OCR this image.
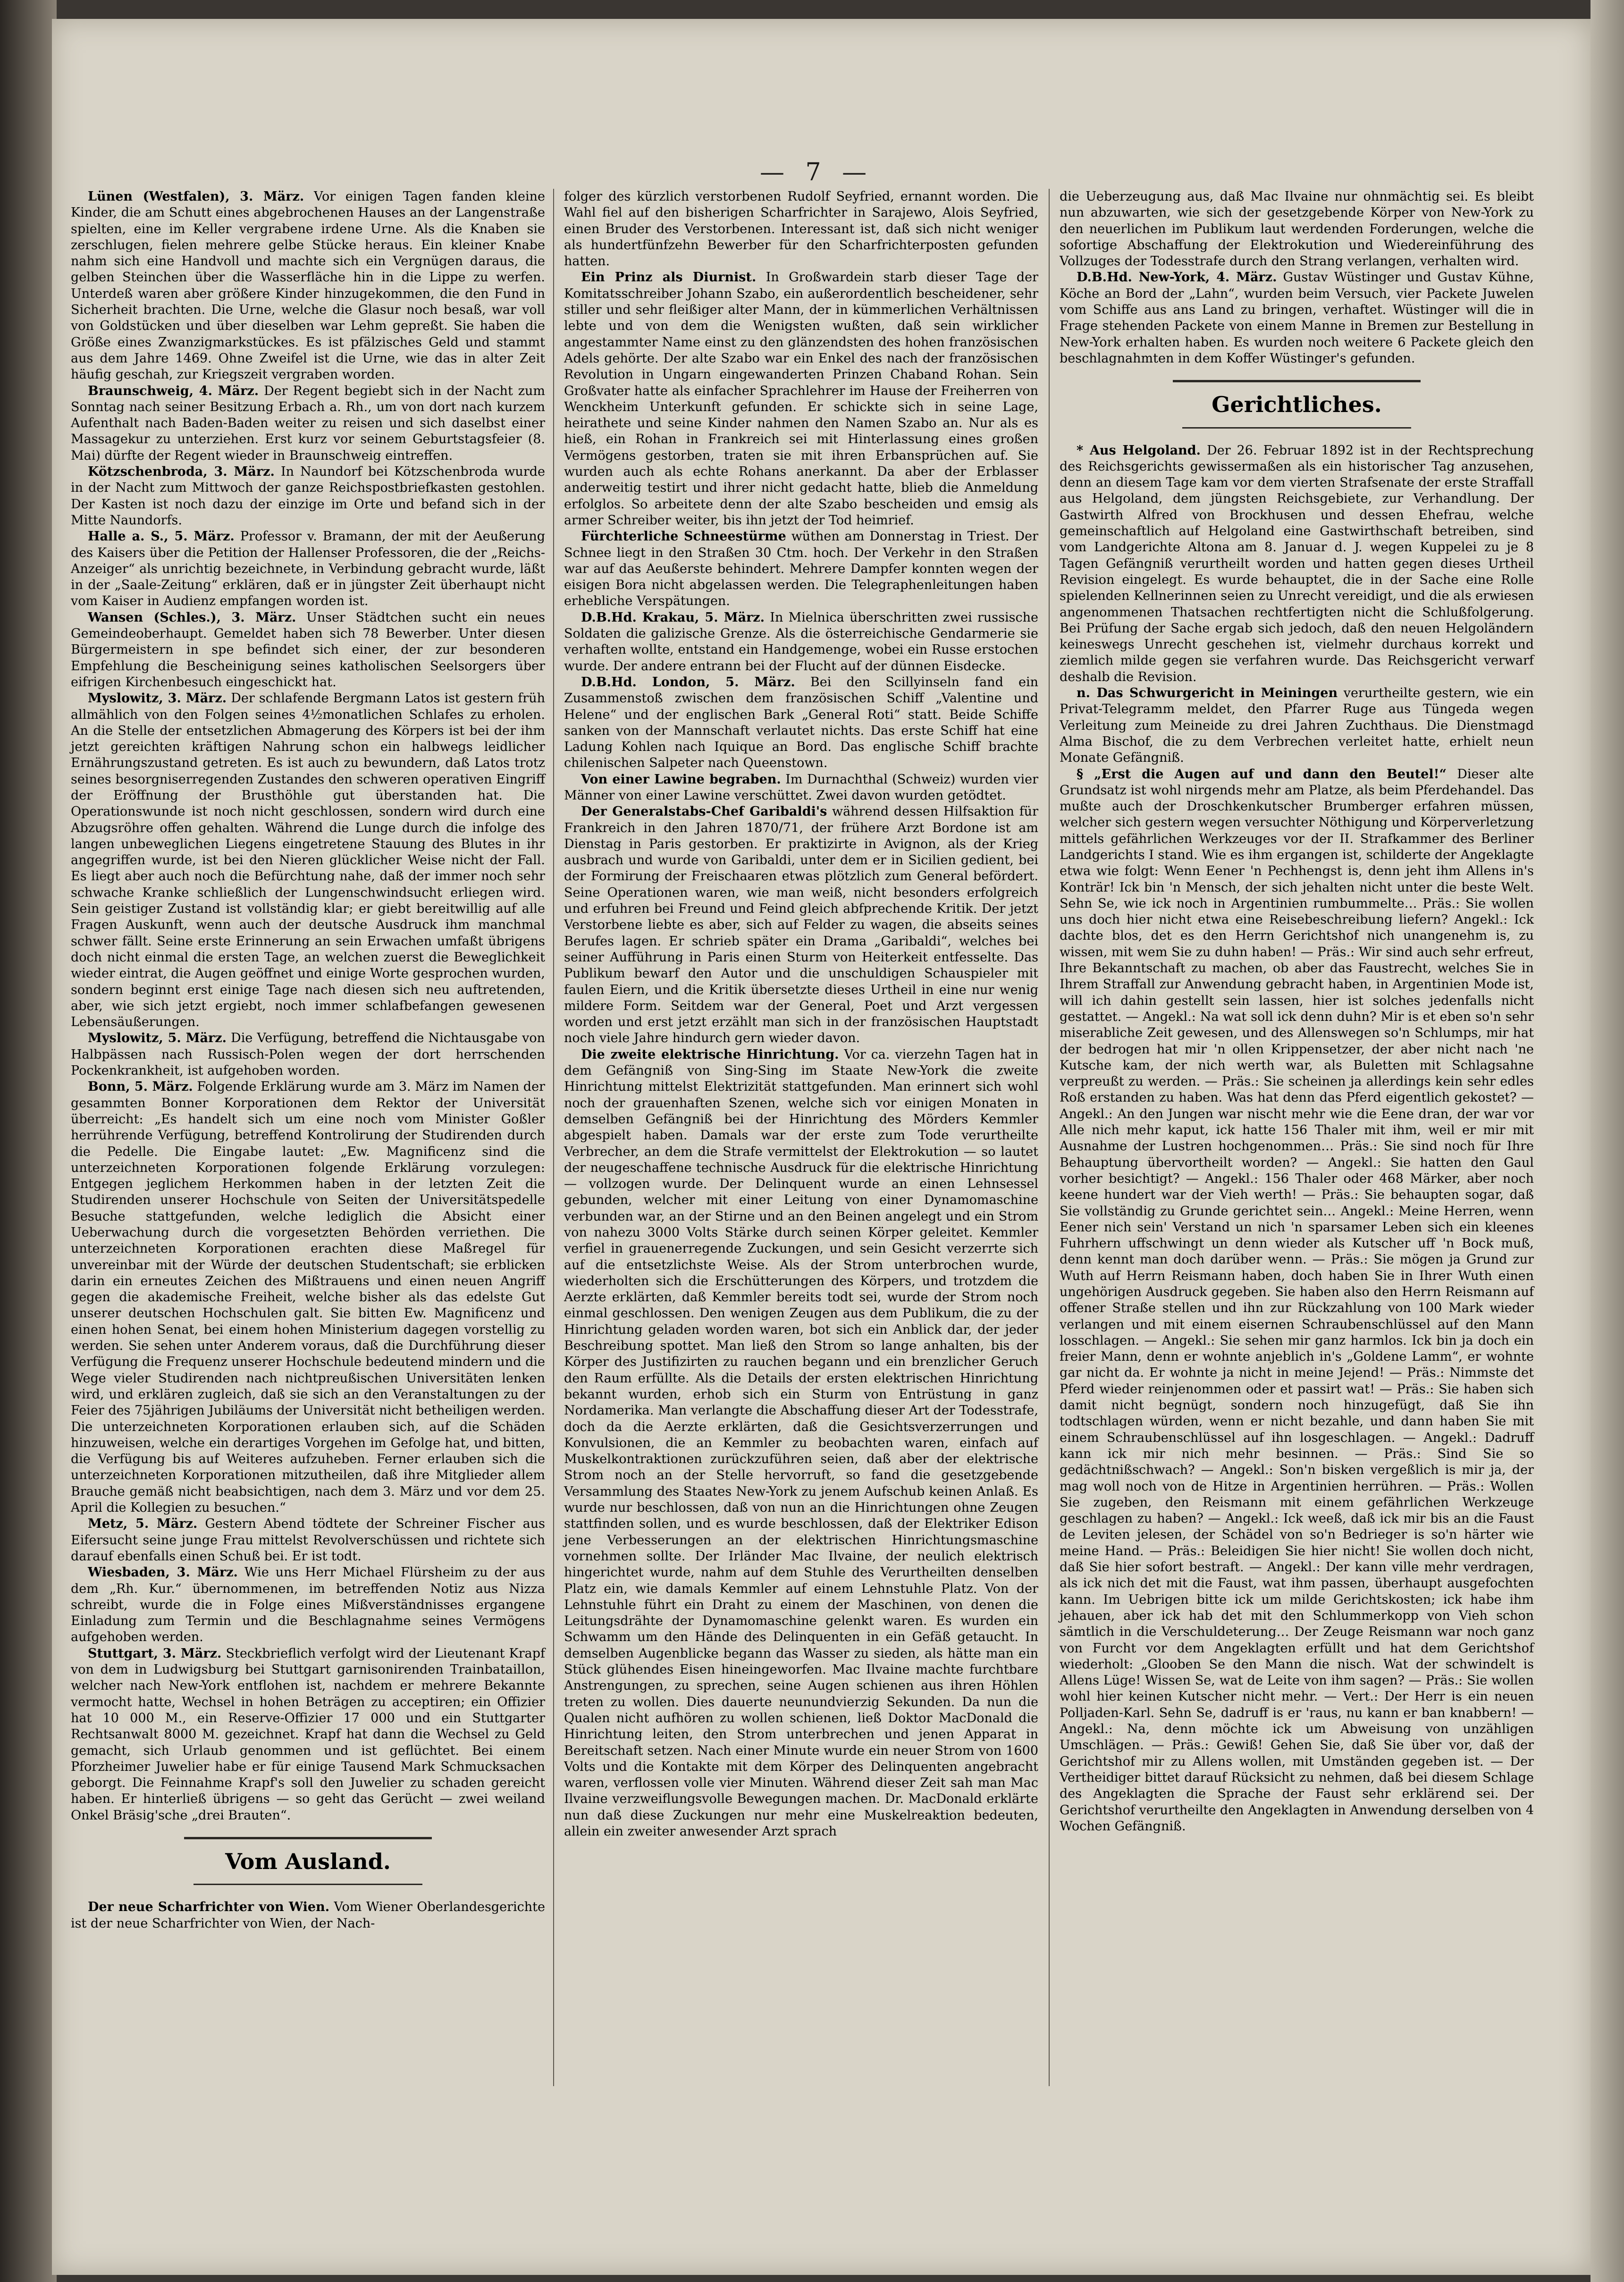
— 7 —

Lünen (Westfalen), 3. März. Vor einigen Tagen fanden kleine Kinder, die am Schutt eines abgebrochenen Hauses an der Langenstraße spielten, eine im Keller vergrabene irdene Urne. Als die Knaben sie zerschlugen, fielen mehrere gelbe Stücke heraus. Ein kleiner Knabe nahm sich eine Handvoll und machte sich ein Vergnügen daraus, die gelben Steinchen über die Wasserfläche hin in die Lippe zu werfen. Unterdeß waren aber größere Kinder hinzugekommen, die den Fund in Sicherheit brachten. Die Urne, welche die Glasur noch besaß, war voll von Goldstücken und über dieselben war Lehm gepreßt. Sie haben die Größe eines Zwanzigmarkstückes. Es ist pfälzisches Geld und stammt aus dem Jahre 1469. Ohne Zweifel ist die Urne, wie das in alter Zeit häufig geschah, zur Kriegszeit vergraben worden.

Braunschweig, 4. März. Der Regent begiebt sich in der Nacht zum Sonntag nach seiner Besitzung Erbach a. Rh., um von dort nach kurzem Aufenthalt nach Baden-Baden weiter zu reisen und sich daselbst einer Massagekur zu unterziehen. Erst kurz vor seinem Geburtstagsfeier (8. Mai) dürfte der Regent wieder in Braunschweig eintreffen.

Kötzschenbroda, 3. März. In Naundorf bei Kötzschenbroda wurde in der Nacht zum Mittwoch der ganze Reichspostbriefkasten gestohlen. Der Kasten ist noch dazu der einzige im Orte und befand sich in der Mitte Naundorfs.

Halle a. S., 5. März. Professor v. Bramann, der mit der Aeußerung des Kaisers über die Petition der Hallenser Professoren, die der „Reichs-Anzeiger“ als unrichtig bezeichnete, in Verbindung gebracht wurde, läßt in der „Saale-Zeitung“ erklären, daß er in jüngster Zeit überhaupt nicht vom Kaiser in Audienz empfangen worden ist.

Wansen (Schles.), 3. März. Unser Städtchen sucht ein neues Gemeindeoberhaupt. Gemeldet haben sich 78 Bewerber. Unter diesen Bürgermeistern in spe befindet sich einer, der zur besonderen Empfehlung die Bescheinigung seines katholischen Seelsorgers über eifrigen Kirchenbesuch eingeschickt hat.

Myslowitz, 3. März. Der schlafende Bergmann Latos ist gestern früh allmählich von den Folgen seines 4½monatlichen Schlafes zu erholen. An die Stelle der entsetzlichen Abmagerung des Körpers ist bei der ihm jetzt gereichten kräftigen Nahrung schon ein halbwegs leidlicher Ernährungszustand getreten. Es ist auch zu bewundern, daß Latos trotz seines besorgniserregenden Zustandes den schweren operativen Eingriff der Eröffnung der Brusthöhle gut überstanden hat. Die Operationswunde ist noch nicht geschlossen, sondern wird durch eine Abzugsröhre offen gehalten. Während die Lunge durch die infolge des langen unbeweglichen Liegens eingetretene Stauung des Blutes in ihr angegriffen wurde, ist bei den Nieren glücklicher Weise nicht der Fall. Es liegt aber auch noch die Befürchtung nahe, daß der immer noch sehr schwache Kranke schließlich der Lungenschwindsucht erliegen wird. Sein geistiger Zustand ist vollständig klar; er giebt bereitwillig auf alle Fragen Auskunft, wenn auch der deutsche Ausdruck ihm manchmal schwer fällt. Seine erste Erinnerung an sein Erwachen umfaßt übrigens doch nicht einmal die ersten Tage, an welchen zuerst die Beweglichkeit wieder eintrat, die Augen geöffnet und einige Worte gesprochen wurden, sondern beginnt erst einige Tage nach diesen sich neu auftretenden, aber, wie sich jetzt ergiebt, noch immer schlafbefangen gewesenen Lebensäußerungen.

Myslowitz, 5. März. Die Verfügung, betreffend die Nichtausgabe von Halbpässen nach Russisch-Polen wegen der dort herrschenden Pockenkrankheit, ist aufgehoben worden.

Bonn, 5. März. Folgende Erklärung wurde am 3. März im Namen der gesammten Bonner Korporationen dem Rektor der Universität überreicht: „Es handelt sich um eine noch vom Minister Goßler herrührende Verfügung, betreffend Kontrolirung der Studirenden durch die Pedelle. Die Eingabe lautet: „Ew. Magnificenz sind die unterzeichneten Korporationen folgende Erklärung vorzulegen: Entgegen jeglichem Herkommen haben in der letzten Zeit die Studirenden unserer Hochschule von Seiten der Universitätspedelle Besuche stattgefunden, welche lediglich die Absicht einer Ueberwachung durch die vorgesetzten Behörden verriethen. Die unterzeichneten Korporationen erachten diese Maßregel für unvereinbar mit der Würde der deutschen Studentschaft; sie erblicken darin ein erneutes Zeichen des Mißtrauens und einen neuen Angriff gegen die akademische Freiheit, welche bisher als das edelste Gut unserer deutschen Hochschulen galt. Sie bitten Ew. Magnificenz und einen hohen Senat, bei einem hohen Ministerium dagegen vorstellig zu werden. Sie sehen unter Anderem voraus, daß die Durchführung dieser Verfügung die Frequenz unserer Hochschule bedeutend mindern und die Wege vieler Studirenden nach nichtpreußischen Universitäten lenken wird, und erklären zugleich, daß sie sich an den Veranstaltungen zu der Feier des 75jährigen Jubiläums der Universität nicht betheiligen werden. Die unterzeichneten Korporationen erlauben sich, auf die Schäden hinzuweisen, welche ein derartiges Vorgehen im Gefolge hat, und bitten, die Verfügung bis auf Weiteres aufzuheben. Ferner erlauben sich die unterzeichneten Korporationen mitzutheilen, daß ihre Mitglieder allem Brauche gemäß nicht beabsichtigen, nach dem 3. März und vor dem 25. April die Kollegien zu besuchen.“

Metz, 5. März. Gestern Abend tödtete der Schreiner Fischer aus Eifersucht seine junge Frau mittelst Revolverschüssen und richtete sich darauf ebenfalls einen Schuß bei. Er ist todt.

Wiesbaden, 3. März. Wie uns Herr Michael Flürsheim zu der aus dem „Rh. Kur.“ übernommenen, im betreffenden Notiz aus Nizza schreibt, wurde die in Folge eines Mißverständnisses ergangene Einladung zum Termin und die Beschlagnahme seines Vermögens aufgehoben werden.

Stuttgart, 3. März. Steckbrieflich verfolgt wird der Lieutenant Krapf von dem in Ludwigsburg bei Stuttgart garnisonirenden Trainbataillon, welcher nach New-York entflohen ist, nachdem er mehrere Bekannte vermocht hatte, Wechsel in hohen Beträgen zu acceptiren; ein Offizier hat 10 000 M., ein Reserve-Offizier 17 000 und ein Stuttgarter Rechtsanwalt 8000 M. gezeichnet. Krapf hat dann die Wechsel zu Geld gemacht, sich Urlaub genommen und ist geflüchtet. Bei einem Pforzheimer Juwelier habe er für einige Tausend Mark Schmucksachen geborgt. Die Feinnahme Krapf's soll den Juwelier zu schaden gereicht haben. Er hinterließ übrigens — so geht das Gerücht — zwei weiland Onkel Bräsig'sche „drei Brauten“.

Vom Ausland.

Der neue Scharfrichter von Wien. Vom Wiener Oberlandesgerichte ist der neue Scharfrichter von Wien, der Nach-

folger des kürzlich verstorbenen Rudolf Seyfried, ernannt worden. Die Wahl fiel auf den bisherigen Scharfrichter in Sarajewo, Alois Seyfried, einen Bruder des Verstorbenen. Interessant ist, daß sich nicht weniger als hundertfünfzehn Bewerber für den Scharfrichterposten gefunden hatten.

Ein Prinz als Diurnist. In Großwardein starb dieser Tage der Komitatsschreiber Johann Szabo, ein außerordentlich bescheidener, sehr stiller und sehr fleißiger alter Mann, der in kümmerlichen Verhältnissen lebte und von dem die Wenigsten wußten, daß sein wirklicher angestammter Name einst zu den glänzendsten des hohen französischen Adels gehörte. Der alte Szabo war ein Enkel des nach der französischen Revolution in Ungarn eingewanderten Prinzen Chaband Rohan. Sein Großvater hatte als einfacher Sprachlehrer im Hause der Freiherren von Wenckheim Unterkunft gefunden. Er schickte sich in seine Lage, heirathete und seine Kinder nahmen den Namen Szabo an. Nur als es hieß, ein Rohan in Frankreich sei mit Hinterlassung eines großen Vermögens gestorben, traten sie mit ihren Erbansprüchen auf. Sie wurden auch als echte Rohans anerkannt. Da aber der Erblasser anderweitig testirt und ihrer nicht gedacht hatte, blieb die Anmeldung erfolglos. So arbeitete denn der alte Szabo bescheiden und emsig als armer Schreiber weiter, bis ihn jetzt der Tod heimrief.

Fürchterliche Schneestürme wüthen am Donnerstag in Triest. Der Schnee liegt in den Straßen 30 Ctm. hoch. Der Verkehr in den Straßen war auf das Aeußerste behindert. Mehrere Dampfer konnten wegen der eisigen Bora nicht abgelassen werden. Die Telegraphenleitungen haben erhebliche Verspätungen.

D.B.Hd. Krakau, 5. März. In Mielnica überschritten zwei russische Soldaten die galizische Grenze. Als die österreichische Gendarmerie sie verhaften wollte, entstand ein Handgemenge, wobei ein Russe erstochen wurde. Der andere entrann bei der Flucht auf der dünnen Eisdecke.

D.B.Hd. London, 5. März. Bei den Scillyinseln fand ein Zusammenstoß zwischen dem französischen Schiff „Valentine und Helene“ und der englischen Bark „General Roti“ statt. Beide Schiffe sanken von der Mannschaft verlautet nichts. Das erste Schiff hat eine Ladung Kohlen nach Iquique an Bord. Das englische Schiff brachte chilenischen Salpeter nach Queenstown.

Von einer Lawine begraben. Im Durnachthal (Schweiz) wurden vier Männer von einer Lawine verschüttet. Zwei davon wurden getödtet.

Der Generalstabs-Chef Garibaldi's während dessen Hilfsaktion für Frankreich in den Jahren 1870/71, der frühere Arzt Bordone ist am Dienstag in Paris gestorben. Er praktizirte in Avignon, als der Krieg ausbrach und wurde von Garibaldi, unter dem er in Sicilien gedient, bei der Formirung der Freischaaren etwas plötzlich zum General befördert. Seine Operationen waren, wie man weiß, nicht besonders erfolgreich und erfuhren bei Freund und Feind gleich abfprechende Kritik. Der jetzt Verstorbene liebte es aber, sich auf Felder zu wagen, die abseits seines Berufes lagen. Er schrieb später ein Drama „Garibaldi“, welches bei seiner Aufführung in Paris einen Sturm von Heiterkeit entfesselte. Das Publikum bewarf den Autor und die unschuldigen Schauspieler mit faulen Eiern, und die Kritik übersetzte dieses Urtheil in eine nur wenig mildere Form. Seitdem war der General, Poet und Arzt vergessen worden und erst jetzt erzählt man sich in der französischen Hauptstadt noch viele Jahre hindurch gern wieder davon.

Die zweite elektrische Hinrichtung. Vor ca. vierzehn Tagen hat in dem Gefängniß von Sing-Sing im Staate New-York die zweite Hinrichtung mittelst Elektrizität stattgefunden. Man erinnert sich wohl noch der grauenhaften Szenen, welche sich vor einigen Monaten in demselben Gefängniß bei der Hinrichtung des Mörders Kemmler abgespielt haben. Damals war der erste zum Tode verurtheilte Verbrecher, an dem die Strafe vermittelst der Elektrokution — so lautet der neugeschaffene technische Ausdruck für die elektrische Hinrichtung — vollzogen wurde. Der Delinquent wurde an einen Lehnsessel gebunden, welcher mit einer Leitung von einer Dynamomaschine verbunden war, an der Stirne und an den Beinen angelegt und ein Strom von nahezu 3000 Volts Stärke durch seinen Körper geleitet. Kemmler verfiel in grauenerregende Zuckungen, und sein Gesicht verzerrte sich auf die entsetzlichste Weise. Als der Strom unterbrochen wurde, wiederholten sich die Erschütterungen des Körpers, und trotzdem die Aerzte erklärten, daß Kemmler bereits todt sei, wurde der Strom noch einmal geschlossen. Den wenigen Zeugen aus dem Publikum, die zu der Hinrichtung geladen worden waren, bot sich ein Anblick dar, der jeder Beschreibung spottet. Man ließ den Strom so lange anhalten, bis der Körper des Justifizirten zu rauchen begann und ein brenzlicher Geruch den Raum erfüllte. Als die Details der ersten elektrischen Hinrichtung bekannt wurden, erhob sich ein Sturm von Entrüstung in ganz Nordamerika. Man verlangte die Abschaffung dieser Art der Todesstrafe, doch da die Aerzte erklärten, daß die Gesichtsverzerrungen und Konvulsionen, die an Kemmler zu beobachten waren, einfach auf Muskelkontraktionen zurückzuführen seien, daß aber der elektrische Strom noch an der Stelle hervorruft, so fand die gesetzgebende Versammlung des Staates New-York zu jenem Aufschub keinen Anlaß. Es wurde nur beschlossen, daß von nun an die Hinrichtungen ohne Zeugen stattfinden sollen, und es wurde beschlossen, daß der Elektriker Edison jene Verbesserungen an der elektrischen Hinrichtungsmaschine vornehmen sollte. Der Irländer Mac Ilvaine, der neulich elektrisch hingerichtet wurde, nahm auf dem Stuhle des Verurtheilten denselben Platz ein, wie damals Kemmler auf einem Lehnstuhle Platz. Von der Lehnstuhle führt ein Draht zu einem der Maschinen, von denen die Leitungsdrähte der Dynamomaschine gelenkt waren. Es wurden ein Schwamm um den Hände des Delinquenten in ein Gefäß getaucht. In demselben Augenblicke begann das Wasser zu sieden, als hätte man ein Stück glühendes Eisen hineingeworfen. Mac Ilvaine machte furchtbare Anstrengungen, zu sprechen, seine Augen schienen aus ihren Höhlen treten zu wollen. Dies dauerte neunundvierzig Sekunden. Da nun die Qualen nicht aufhören zu wollen schienen, ließ Doktor MacDonald die Hinrichtung leiten, den Strom unterbrechen und jenen Apparat in Bereitschaft setzen. Nach einer Minute wurde ein neuer Strom von 1600 Volts und die Kontakte mit dem Körper des Delinquenten angebracht waren, verflossen volle vier Minuten. Während dieser Zeit sah man Mac Ilvaine verzweiflungsvolle Bewegungen machen. Dr. MacDonald erklärte nun daß diese Zuckungen nur mehr eine Muskelreaktion bedeuten, allein ein zweiter anwesender Arzt sprach

die Ueberzeugung aus, daß Mac Ilvaine nur ohnmächtig sei. Es bleibt nun abzuwarten, wie sich der gesetzgebende Körper von New-York zu den neuerlichen im Publikum laut werdenden Forderungen, welche die sofortige Abschaffung der Elektrokution und Wiedereinführung des Vollzuges der Todesstrafe durch den Strang verlangen, verhalten wird.

D.B.Hd. New-York, 4. März. Gustav Wüstinger und Gustav Kühne, Köche an Bord der „Lahn“, wurden beim Versuch, vier Packete Juwelen vom Schiffe aus ans Land zu bringen, verhaftet. Wüstinger will die in Frage stehenden Packete von einem Manne in Bremen zur Bestellung in New-York erhalten haben. Es wurden noch weitere 6 Packete gleich den beschlagnahmten in dem Koffer Wüstinger's gefunden.

Gerichtliches.

* Aus Helgoland. Der 26. Februar 1892 ist in der Rechtsprechung des Reichsgerichts gewissermaßen als ein historischer Tag anzusehen, denn an diesem Tage kam vor dem vierten Strafsenate der erste Straffall aus Helgoland, dem jüngsten Reichsgebiete, zur Verhandlung. Der Gastwirth Alfred von Brockhusen und dessen Ehefrau, welche gemeinschaftlich auf Helgoland eine Gastwirthschaft betreiben, sind vom Landgerichte Altona am 8. Januar d. J. wegen Kuppelei zu je 8 Tagen Gefängniß verurtheilt worden und hatten gegen dieses Urtheil Revision eingelegt. Es wurde behauptet, die in der Sache eine Rolle spielenden Kellnerinnen seien zu Unrecht vereidigt, und die als erwiesen angenommenen Thatsachen rechtfertigten nicht die Schlußfolgerung. Bei Prüfung der Sache ergab sich jedoch, daß den neuen Helgoländern keineswegs Unrecht geschehen ist, vielmehr durchaus korrekt und ziemlich milde gegen sie verfahren wurde. Das Reichsgericht verwarf deshalb die Revision.

n. Das Schwurgericht in Meiningen verurtheilte gestern, wie ein Privat-Telegramm meldet, den Pfarrer Ruge aus Tüngeda wegen Verleitung zum Meineide zu drei Jahren Zuchthaus. Die Dienstmagd Alma Bischof, die zu dem Verbrechen verleitet hatte, erhielt neun Monate Gefängniß.

§ „Erst die Augen auf und dann den Beutel!“ Dieser alte Grundsatz ist wohl nirgends mehr am Platze, als beim Pferdehandel. Das mußte auch der Droschkenkutscher Brumberger erfahren müssen, welcher sich gestern wegen versuchter Nöthigung und Körperverletzung mittels gefährlichen Werkzeuges vor der II. Strafkammer des Berliner Landgerichts I stand. Wie es ihm ergangen ist, schilderte der Angeklagte etwa wie folgt: Wenn Eener 'n Pechhengst is, denn jeht ihm Allens in's Konträr! Ick bin 'n Mensch, der sich jehalten nicht unter die beste Welt. Sehn Se, wie ick noch in Argentinien rumbummelte… Präs.: Sie wollen uns doch hier nicht etwa eine Reisebeschreibung liefern? Angekl.: Ick dachte blos, det es den Herrn Gerichtshof nich unangenehm is, zu wissen, mit wem Sie zu duhn haben! — Präs.: Wir sind auch sehr erfreut, Ihre Bekanntschaft zu machen, ob aber das Faustrecht, welches Sie in Ihrem Straffall zur Anwendung gebracht haben, in Argentinien Mode ist, will ich dahin gestellt sein lassen, hier ist solches jedenfalls nicht gestattet. — Angekl.: Na wat soll ick denn duhn? Mir is et eben so'n sehr miserabliche Zeit gewesen, und des Allenswegen so'n Schlumps, mir hat der bedrogen hat mir 'n ollen Krippensetzer, der aber nicht nach 'ne Kutsche kam, der nich werth war, als Buletten mit Schlagsahne verpreußt zu werden. — Präs.: Sie scheinen ja allerdings kein sehr edles Roß erstanden zu haben. Was hat denn das Pferd eigentlich gekostet? — Angekl.: An den Jungen war nischt mehr wie die Eene dran, der war vor Alle nich mehr kaput, ick hatte 156 Thaler mit ihm, weil er mir mit Ausnahme der Lustren hochgenommen… Präs.: Sie sind noch für Ihre Behauptung übervortheilt worden? — Angekl.: Sie hatten den Gaul vorher besichtigt? — Angekl.: 156 Thaler oder 468 Märker, aber noch keene hundert war der Vieh werth! — Präs.: Sie behaupten sogar, daß Sie vollständig zu Grunde gerichtet sein… Angekl.: Meine Herren, wenn Eener nich sein' Verstand un nich 'n sparsamer Leben sich ein kleenes Fuhrhern uffschwingt un denn wieder als Kutscher uff 'n Bock muß, denn kennt man doch darüber wenn. — Präs.: Sie mögen ja Grund zur Wuth auf Herrn Reismann haben, doch haben Sie in Ihrer Wuth einen ungehörigen Ausdruck gegeben. Sie haben also den Herrn Reismann auf offener Straße stellen und ihn zur Rückzahlung von 100 Mark wieder verlangen und mit einem eisernen Schraubenschlüssel auf den Mann losschlagen. — Angekl.: Sie sehen mir ganz harmlos. Ick bin ja doch ein freier Mann, denn er wohnte anjeblich in's „Goldene Lamm“, er wohnte gar nicht da. Er wohnte ja nicht in meine Jejend! — Präs.: Nimmste det Pferd wieder reinjenommen oder et passirt wat! — Präs.: Sie haben sich damit nicht begnügt, sondern noch hinzugefügt, daß Sie ihn todtschlagen würden, wenn er nicht bezahle, und dann haben Sie mit einem Schraubenschlüssel auf ihn losgeschlagen. — Angekl.: Dadruff kann ick mir nich mehr besinnen. — Präs.: Sind Sie so gedächtnißschwach? — Angekl.: Son'n bisken vergeßlich is mir ja, der mag woll noch von de Hitze in Argentinien herrühren. — Präs.: Wollen Sie zugeben, den Reismann mit einem gefährlichen Werkzeuge geschlagen zu haben? — Angekl.: Ick weeß, daß ick mir bis an die Faust de Leviten jelesen, der Schädel von so'n Bedrieger is so'n härter wie meine Hand. — Präs.: Beleidigen Sie hier nicht! Sie wollen doch nicht, daß Sie hier sofort bestraft. — Angekl.: Der kann ville mehr verdragen, als ick nich det mit die Faust, wat ihm passen, überhaupt ausgefochten kann. Im Uebrigen bitte ick um milde Gerichtskosten; ick habe ihm jehauen, aber ick hab det mit den Schlummerkopp von Vieh schon sämtlich in die Verschuldeterung… Der Zeuge Reismann war noch ganz von Furcht vor dem Angeklagten erfüllt und hat dem Gerichtshof wiederholt: „Glooben Se den Mann die nisch. Wat der schwindelt is Allens Lüge! Wissen Se, wat de Leite von ihm sagen? — Präs.: Sie wollen wohl hier keinen Kutscher nicht mehr. — Vert.: Der Herr is ein neuen Polljaden-Karl. Sehn Se, dadruff is er 'raus, nu kann er ban knabbern! — Angekl.: Na, denn möchte ick um Abweisung von unzähligen Umschlägen. — Präs.: Gewiß! Gehen Sie, daß Sie über vor, daß der Gerichtshof mir zu Allens wollen, mit Umständen gegeben ist. — Der Vertheidiger bittet darauf Rücksicht zu nehmen, daß bei diesem Schlage des Angeklagten die Sprache der Faust sehr erklärend sei. Der Gerichtshof verurtheilte den Angeklagten in Anwendung derselben von 4 Wochen Gefängniß.
